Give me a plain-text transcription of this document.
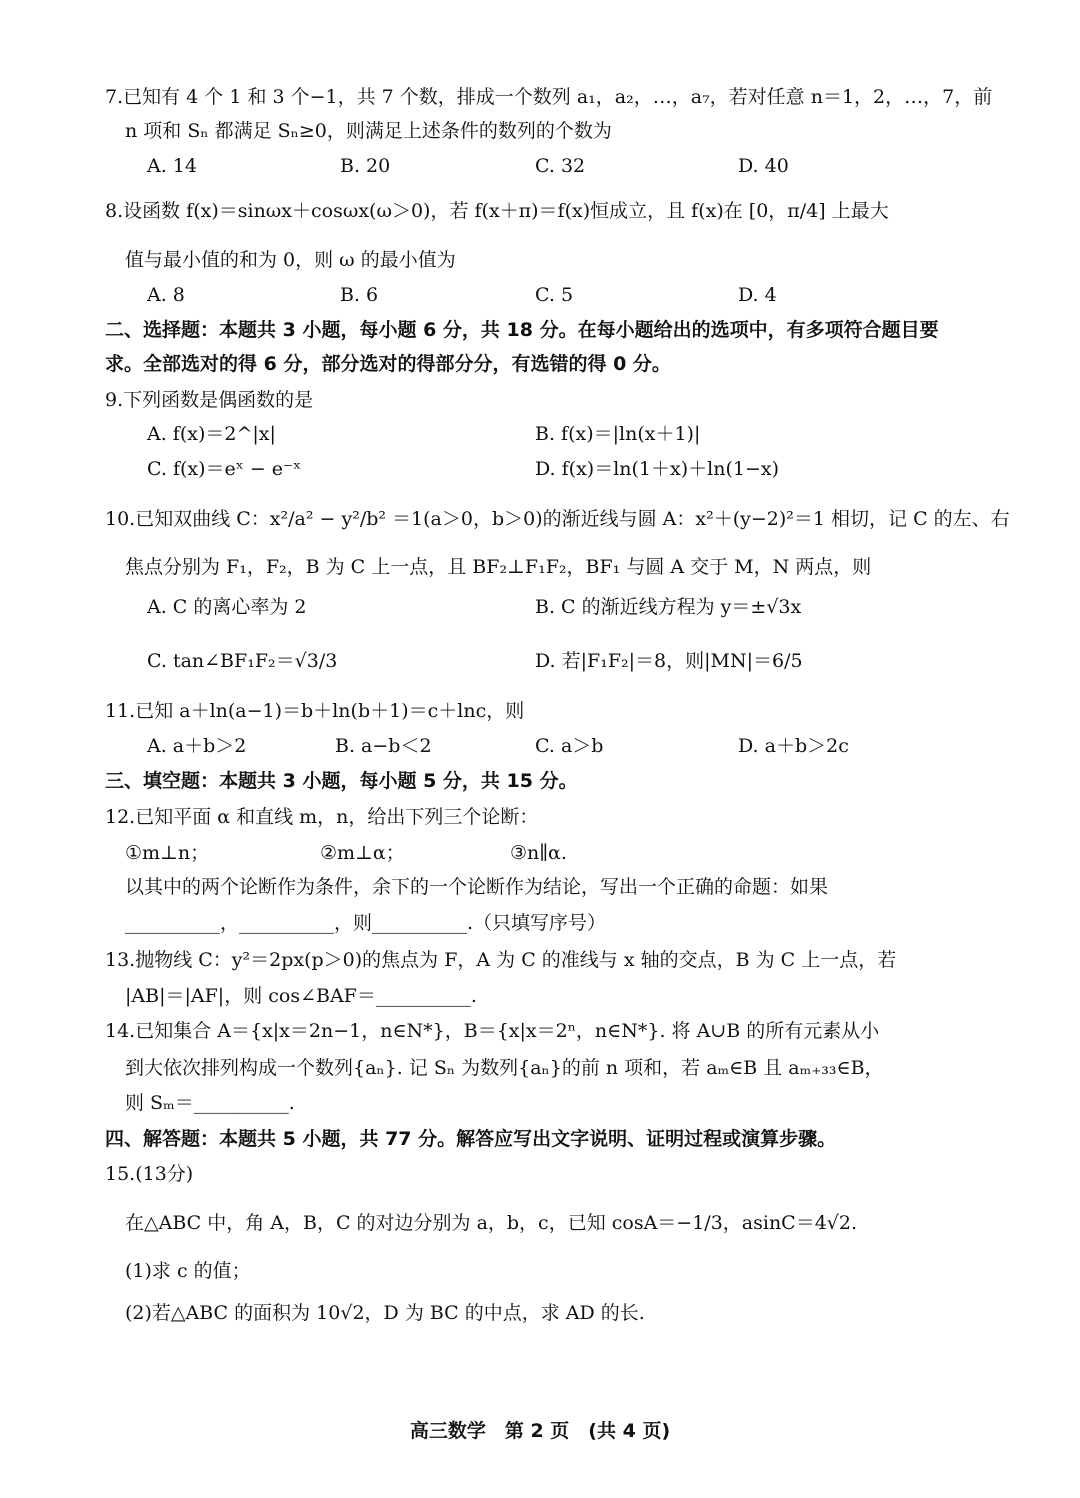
7.已知有 4 个 1 和 3 个−1，共 7 个数，排成一个数列 a₁，a₂，…，a₇，若对任意 n＝1，2，…，7，前
n 项和 Sₙ 都满足 Sₙ≥0，则满足上述条件的数列的个数为
A. 14	B. 20	C. 32	D. 40
8.设函数 f(x)＝sinωx＋cosωx(ω＞0)，若 f(x＋π)＝f(x)恒成立，且 f(x)在 [0，π/4] 上最大
值与最小值的和为 0，则 ω 的最小值为
A. 8	B. 6	C. 5	D. 4
二、选择题：本题共 3 小题，每小题 6 分，共 18 分。在每小题给出的选项中，有多项符合题目要
求。全部选对的得 6 分，部分选对的得部分分，有选错的得 0 分。
9.下列函数是偶函数的是
A. f(x)＝2^|x|	B. f(x)＝|ln(x＋1)|
C. f(x)＝eˣ − e⁻ˣ	D. f(x)＝ln(1＋x)＋ln(1−x)
10.已知双曲线 C：x²/a² − y²/b² ＝1(a＞0，b＞0)的渐近线与圆 A：x²＋(y−2)²＝1 相切，记 C 的左、右
焦点分别为 F₁，F₂，B 为 C 上一点，且 BF₂⊥F₁F₂，BF₁ 与圆 A 交于 M，N 两点，则
A. C 的离心率为 2	B. C 的渐近线方程为 y＝±√3x
C. tan∠BF₁F₂＝√3/3	D. 若|F₁F₂|＝8，则|MN|＝6/5
11.已知 a＋ln(a−1)＝b＋ln(b＋1)＝c＋lnc，则
A. a＋b＞2	B. a−b＜2	C. a＞b	D. a＋b＞2c
三、填空题：本题共 3 小题，每小题 5 分，共 15 分。
12.已知平面 α 和直线 m，n，给出下列三个论断：
①m⊥n；	②m⊥α；	③n∥α.
以其中的两个论断作为条件，余下的一个论断作为结论，写出一个正确的命题：如果
__________，__________，则__________.（只填写序号）
13.抛物线 C：y²＝2px(p＞0)的焦点为 F，A 为 C 的准线与 x 轴的交点，B 为 C 上一点，若
|AB|＝|AF|，则 cos∠BAF＝__________.
14.已知集合 A＝{x|x＝2n−1，n∈N*}，B＝{x|x＝2ⁿ，n∈N*}. 将 A∪B 的所有元素从小
到大依次排列构成一个数列{aₙ}. 记 Sₙ 为数列{aₙ}的前 n 项和，若 aₘ∈B 且 aₘ₊₃₃∈B，
则 Sₘ＝__________.
四、解答题：本题共 5 小题，共 77 分。解答应写出文字说明、证明过程或演算步骤。
15.(13分)
在△ABC 中，角 A，B，C 的对边分别为 a，b，c，已知 cosA＝−1/3，asinC＝4√2.
(1)求 c 的值；
(2)若△ABC 的面积为 10√2，D 为 BC 的中点，求 AD 的长.
高三数学　第 2 页　(共 4 页)
